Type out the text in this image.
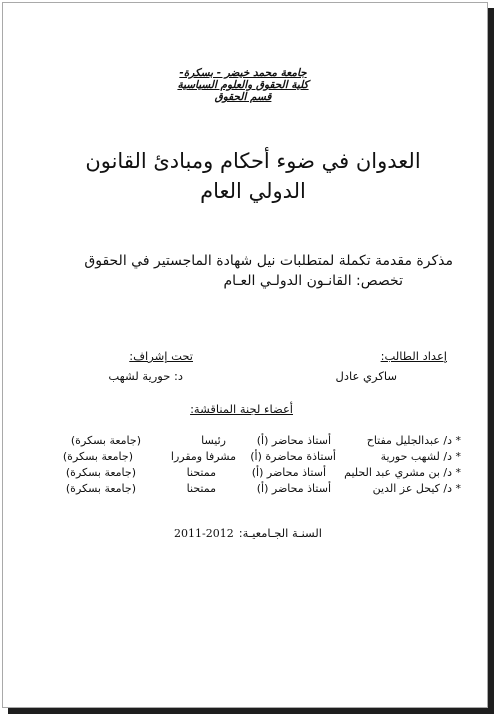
جامعة محمد خيضر - بسكرة-
كلية الحقوق والعلوم السياسية
قسم الحقوق
العدوان في ضوء أحكام ومبادئ القانون
الدولي العام
مذكرة مقدمة تكملة لمتطلبات نيل شهادة الماجستير في الحقوق
تخصص: القانـون الدولـي العـام
إعداد الطالب:
ساكري عادل
تحت إشراف:
د: حورية لشهب
أعضاء لجنة المناقشة:
* د/ عبدالجليل مفتاح
أستاذ محاضر (أ)
رئيسا
(جامعة بسكرة)
* د/ لشهب حورية
أستاذة محاضرة (أ)
مشرفا ومقررا
(جامعة بسكرة)
* د/ بن مشري عبد الحليم
أستاذ محاضر (أ)
ممتحنا
(جامعة بسكرة)
* د/ كيحل عز الدين
أستاذ محاضر (أ)
ممتحنا
(جامعة بسكرة)
السنـة الجـامعيـة: 2011-2012
